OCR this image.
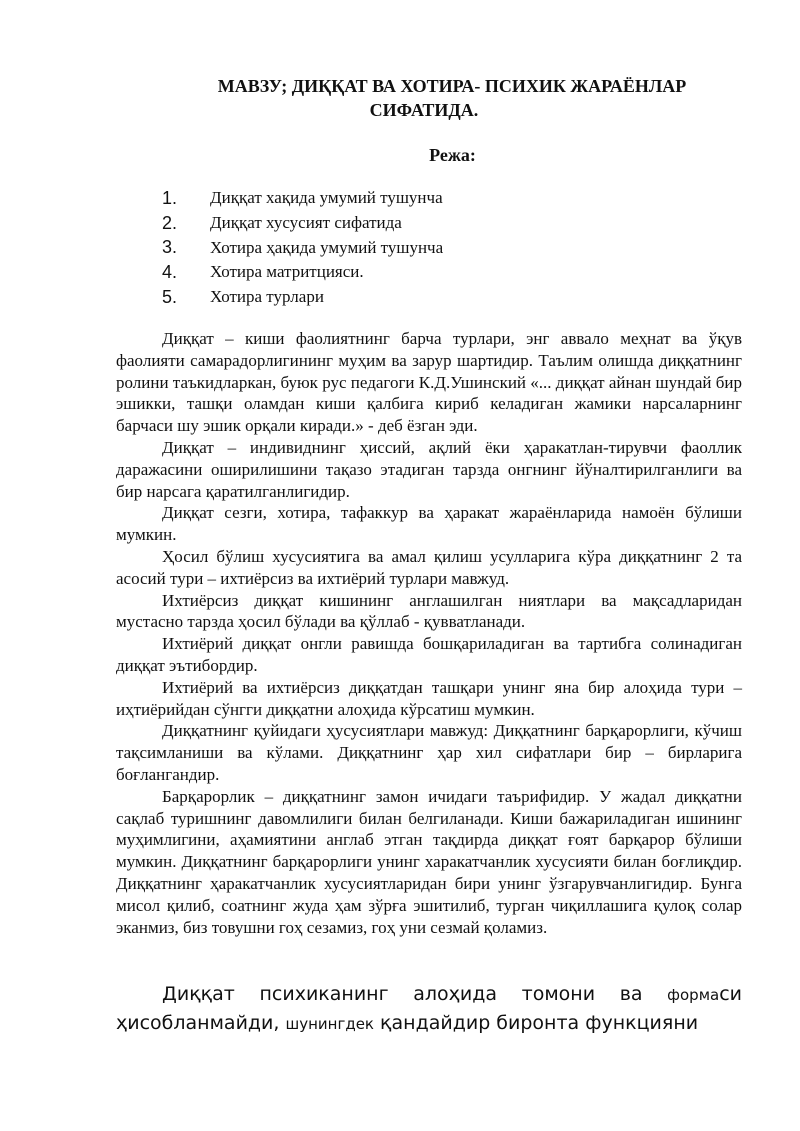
МАВЗУ; ДИҚҚАТ ВА ХОТИРА- ПСИХИК ЖАРАЁНЛАР
СИФАТИДА.
Режа:
1.	Диққат хақида умумий тушунча
2.	Диққат хусусият сифатида
3.	Хотира ҳақида умумий тушунча
4.	Хотира матритцияси.
5.	Хотира турлари

Диққат – киши фаолиятнинг барча турлари, энг аввало меҳнат ва ўқув фаолияти самарадорлигининг муҳим ва зарур шартидир. Таълим олишда диққатнинг ролини таъкидларкан, буюк рус педагоги К.Д.Ушинский «... диққат айнан шундай бир эшикки, ташқи оламдан киши қалбига кириб келадиган жамики нарсаларнинг барчаси шу эшик орқали киради.» - деб ёзган эди.

Диққат – индивиднинг ҳиссий, ақлий ёки ҳаракатлан-тирувчи фаоллик даражасини оширилишини тақазо этадиган тарзда онгнинг йўналтирилганлиги ва бир нарсага қаратилганлигидир.

Диққат сезги, хотира, тафаккур ва ҳаракат жараёнларида намоён бўлиши мумкин.

Ҳосил бўлиш хусусиятига ва амал қилиш усулларига кўра диққатнинг 2 та асосий тури – ихтиёрсиз ва ихтиёрий турлари мавжуд.

Ихтиёрсиз диққат кишининг англашилган ниятлари ва мақсадларидан мустасно тарзда ҳосил бўлади ва қўллаб - қувватланади.

Ихтиёрий диққат онгли равишда бошқариладиган ва тартибга солинадиган диққат эътибордир.

Ихтиёрий ва ихтиёрсиз диққатдан ташқари унинг яна бир алоҳида тури – иҳтиёрийдан сўнгги диққатни алоҳида кўрсатиш мумкин.

Диққатнинг қуйидаги ҳусусиятлари мавжуд: Диққатнинг барқарорлиги, кўчиш тақсимланиши ва кўлами. Диққатнинг ҳар хил сифатлари бир – бирларига боғлангандир.

Барқарорлик – диққатнинг замон ичидаги таърифидир. У жадал диққатни сақлаб туришнинг давомлилиги билан белгиланади. Киши бажариладиган ишининг муҳимлигини, аҳамиятини англаб этган тақдирда диққат ғоят барқарор бўлиши мумкин. Диққатнинг барқарорлиги унинг харакатчанлик хусусияти билан боғлиқдир. Диққатнинг ҳаракатчанлик хусусиятларидан бири унинг ўзгарувчанлигидир. Бунга мисол қилиб, соатнинг жуда ҳам зўрға эшитилиб, турган чиқиллашига қулоқ солар эканмиз, биз товушни гоҳ сезамиз, гоҳ уни сезмай қоламиз.

Диққат психиканинг алоҳида томони ва формаси ҳисобланмайди, шунингдек қандайдир биронта функцияни
